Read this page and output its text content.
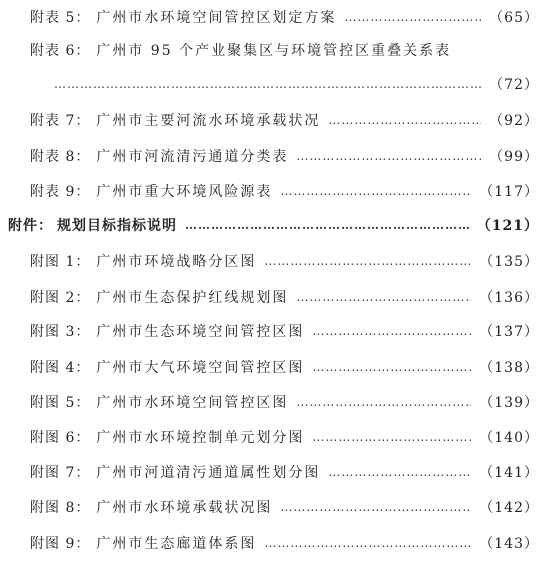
附表 5： 广州市水环境空间管控区划定方案 ……………………………………………………………………………………………………………………………………	（65）
附表 6： 广州市 95 个产业聚集区与环境管控区重叠关系表
……………………………………………………………………………………………………………………………………
（72）
附表 7： 广州市主要河流水环境承载状况 ……………………………………………………………………………………………………………………………………	（92）
附表 8： 广州市河流清污通道分类表 ……………………………………………………………………………………………………………………………………	（99）
附表 9： 广州市重大环境风险源表 ……………………………………………………………………………………………………………………………………	（117）
附件： 规划目标指标说明 ……………………………………………………………………………………………………………………………………	（121）
附图 1： 广州市环境战略分区图 ……………………………………………………………………………………………………………………………………	（135）
附图 2： 广州市生态保护红线规划图 ……………………………………………………………………………………………………………………………………	（136）
附图 3： 广州市生态环境空间管控区图 ……………………………………………………………………………………………………………………………………	（137）
附图 4： 广州市大气环境空间管控区图 ……………………………………………………………………………………………………………………………………	（138）
附图 5： 广州市水环境空间管控区图 ……………………………………………………………………………………………………………………………………	（139）
附图 6： 广州市水环境控制单元划分图 ……………………………………………………………………………………………………………………………………	（140）
附图 7： 广州市河道清污通道属性划分图 ……………………………………………………………………………………………………………………………………	（141）
附图 8： 广州市水环境承载状况图 ……………………………………………………………………………………………………………………………………	（142）
附图 9： 广州市生态廊道体系图 ……………………………………………………………………………………………………………………………………	（143）
